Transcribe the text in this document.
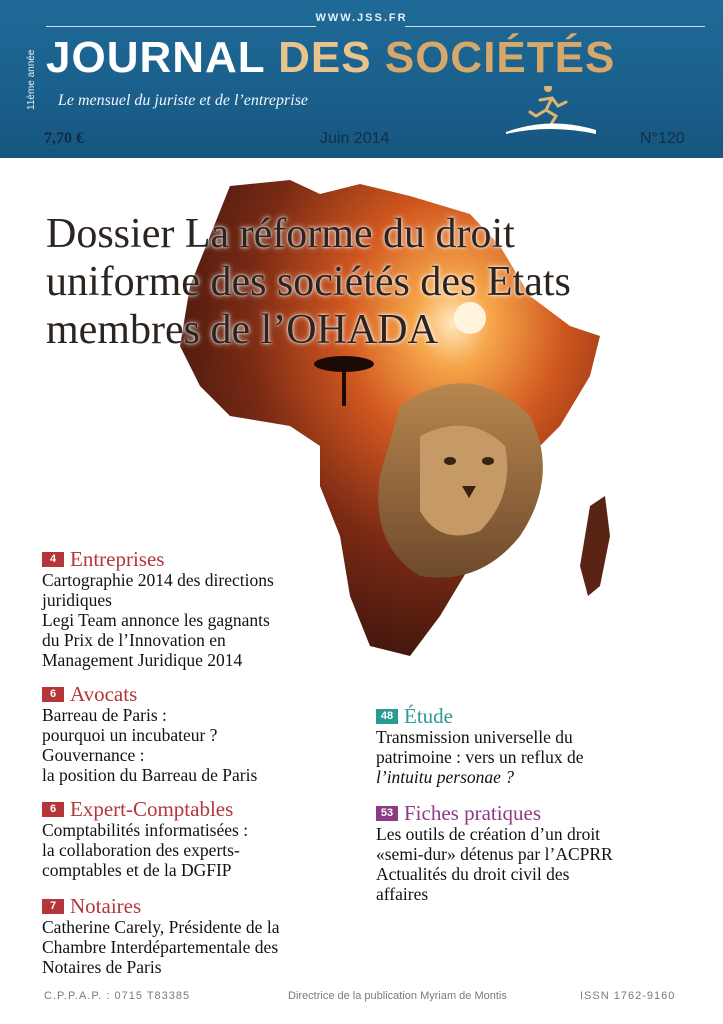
WWW.JSS.FR
11ème année JOURNAL DES SOCIÉTÉS
Le mensuel du juriste et de l’entreprise
7,70 €	Juin 2014	N°120
Dossier La réforme du droit
uniforme des sociétés des Etats
membres de l’OHADA
4 Entreprises
Cartographie 2014 des directions
juridiques
Legi Team annonce les gagnants
du Prix de l’Innovation en
Management Juridique 2014
6 Avocats
Barreau de Paris :
pourquoi un incubateur ?
Gouvernance :
la position du Barreau de Paris
6 Expert-Comptables
Comptabilités informatisées :
la collaboration des experts-
comptables et de la DGFIP
7 Notaires
Catherine Carely, Présidente de la
Chambre Interdépartementale des
Notaires de Paris
48 Étude
Transmission universelle du
patrimoine : vers un reflux de
l’intuitu personae ?
53 Fiches pratiques
Les outils de création d’un droit
«semi-dur» détenus par l’ACPRR
Actualités du droit civil des
affaires
C.P.P.A.P. : 0715 T83385	Directrice de la publication Myriam de Montis	ISSN 1762-9160
